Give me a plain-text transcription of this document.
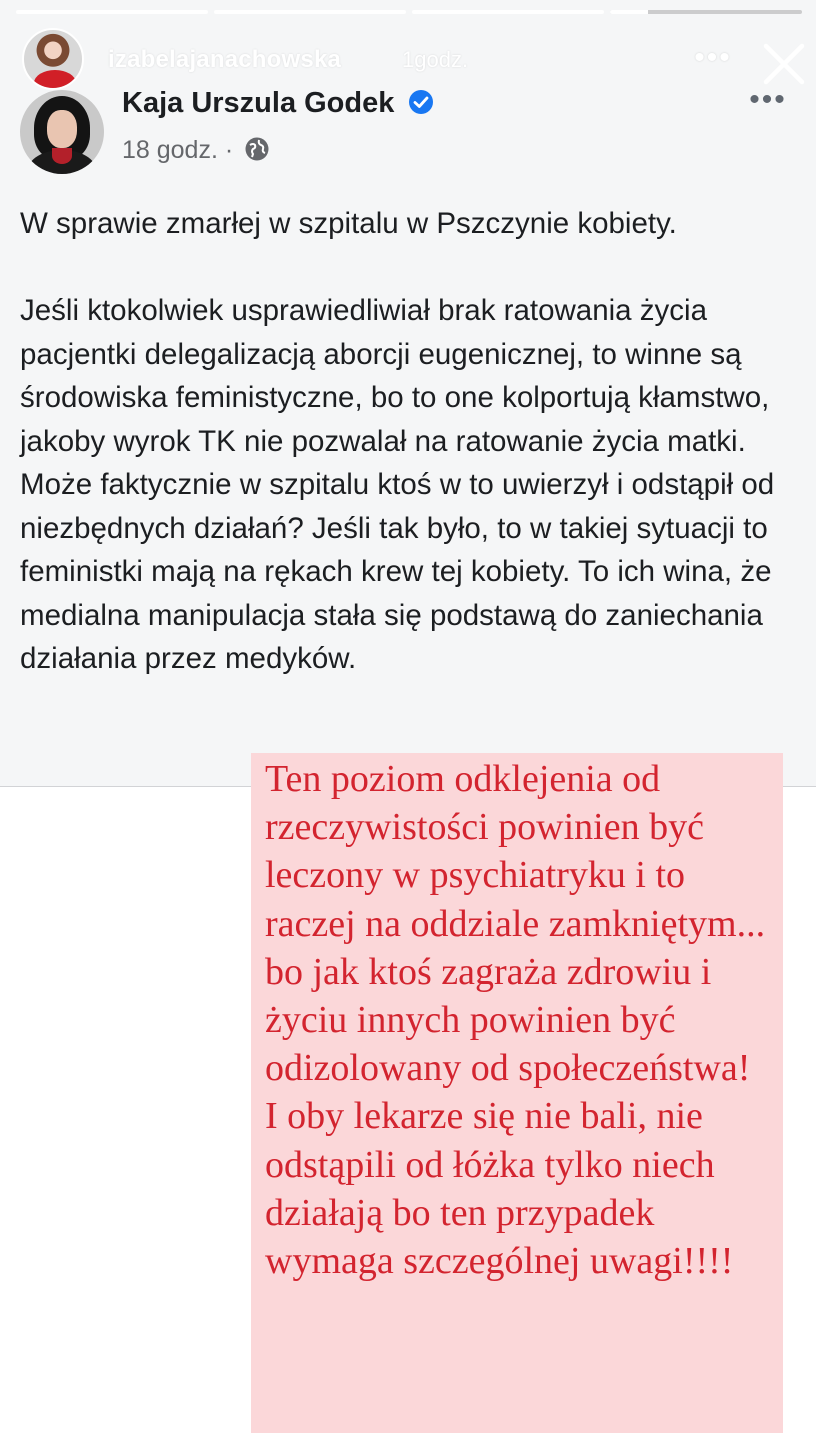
izabelajanachowska	1godz.	•••
Kaja Urszula Godek
18 godz. ·
•••

W sprawie zmarłej w szpitalu w Pszczynie kobiety.

Jeśli ktokolwiek usprawiedliwiał brak ratowania życia pacjentki delegalizacją aborcji eugenicznej, to winne są środowiska feministyczne, bo to one kolportują kłamstwo, jakoby wyrok TK nie pozwalał na ratowanie życia matki. Może faktycznie w szpitalu ktoś w to uwierzył i odstąpił od niezbędnych działań? Jeśli tak było, to w takiej sytuacji to feministki mają na rękach krew tej kobiety. To ich wina, że medialna manipulacja stała się podstawą do zaniechania działania przez medyków.

Ten poziom odklejenia od rzeczywistości powinien być leczony w psychiatryku i to raczej na oddziale zamkniętym... bo jak ktoś zagraża zdrowiu i życiu innych powinien być odizolowany od społeczeństwa!

I oby lekarze się nie bali, nie odstąpili od łóżka tylko niech działają bo ten przypadek wymaga szczególnej uwagi!!!!
